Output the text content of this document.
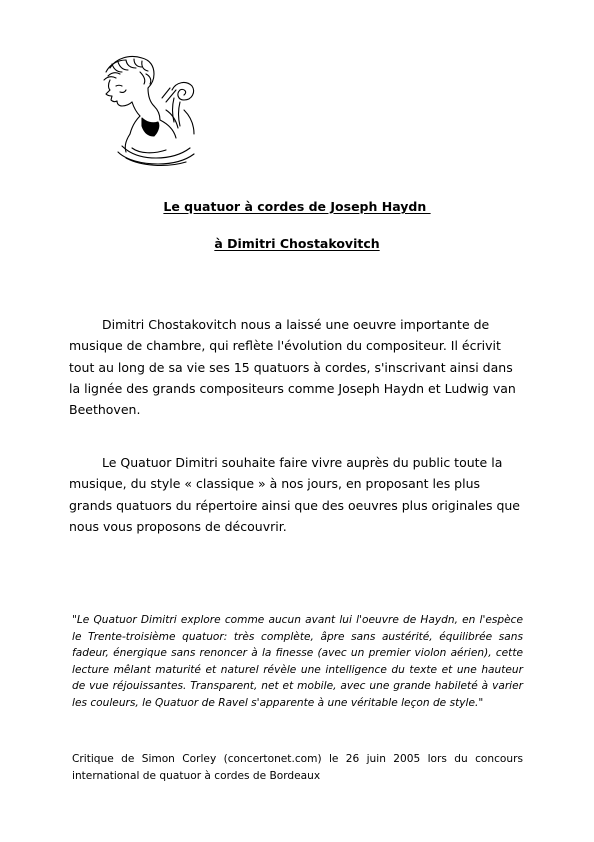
Le quatuor à cordes de Joseph Haydn
à Dimitri Chostakovitch

Dimitri Chostakovitch nous a laissé une oeuvre importante de musique de chambre, qui reflète l'évolution du compositeur. Il écrivit tout au long de sa vie ses 15 quatuors à cordes, s'inscrivant ainsi dans la lignée des grands compositeurs comme Joseph Haydn et Ludwig van Beethoven.

Le Quatuor Dimitri souhaite faire vivre auprès du public toute la musique, du style « classique » à nos jours, en proposant les plus grands quatuors du répertoire ainsi que des oeuvres plus originales que nous vous proposons de découvrir.

"Le Quatuor Dimitri explore comme aucun avant lui l'oeuvre de Haydn, en l'espèce le Trente-troisième quatuor: très complète, âpre sans austérité, équilibrée sans fadeur, énergique sans renoncer à la finesse (avec un premier violon aérien), cette lecture mêlant maturité et naturel révèle une intelligence du texte et une hauteur de vue réjouissantes. Transparent, net et mobile, avec une grande habileté à varier les couleurs, le Quatuor de Ravel s'apparente à une véritable leçon de style."

Critique de Simon Corley (concertonet.com) le 26 juin 2005 lors du concours international de quatuor à cordes de Bordeaux
